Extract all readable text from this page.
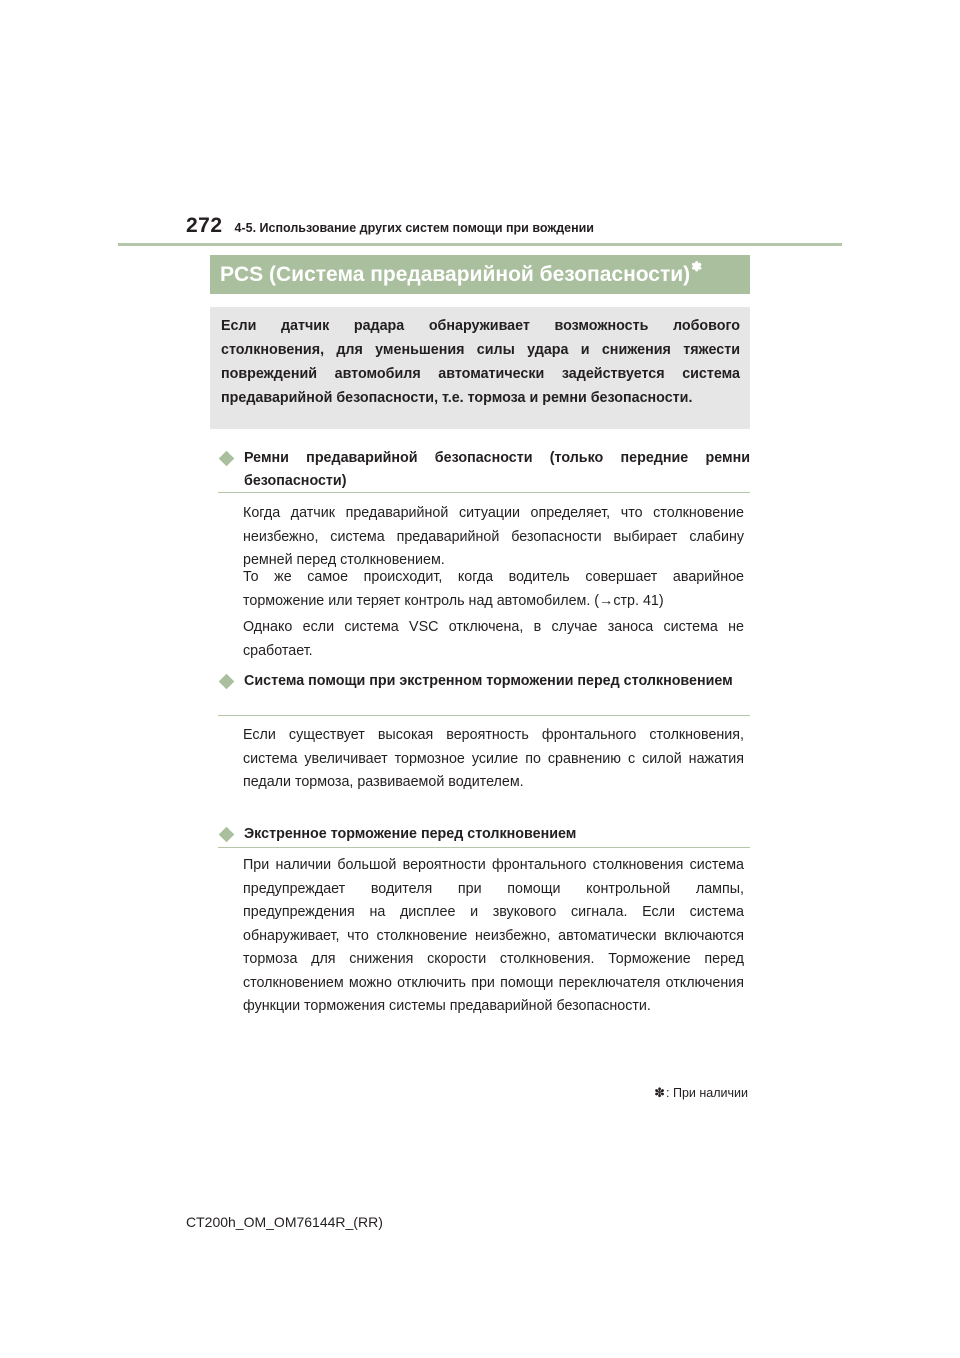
272 4-5. Использование других систем помощи при вождении
PCS (Система предаварийной безопасности) ✽

Если датчик радара обнаруживает возможность лобового столкновения, для уменьшения силы удара и снижения тяжести повреждений автомобиля автоматически задействуется система предаварийной безопасности, т.е. тормоза и ремни безопасности.

Ремни предаварийной безопасности (только передние ремни безопасности)

Когда датчик предаварийной ситуации определяет, что столкновение неизбежно, система предаварийной безопасности выбирает слабину ремней перед столкновением.

То же самое происходит, когда водитель совершает аварийное торможение или теряет контроль над автомобилем. (→стр. 41)

Однако если система VSC отключена, в случае заноса система не сработает.

Система помощи при экстренном торможении перед столкновением

Если существует высокая вероятность фронтального столкновения, система увеличивает тормозное усилие по сравнению с силой нажатия педали тормоза, развиваемой водителем.

Экстренное торможение перед столкновением

При наличии большой вероятности фронтального столкновения система предупреждает водителя при помощи контрольной лампы, предупреждения на дисплее и звукового сигнала. Если система обнаруживает, что столкновение неизбежно, автоматически включаются тормоза для снижения скорости столкновения. Торможение перед столкновением можно отключить при помощи переключателя отключения функции торможения системы предаварийной безопасности.

✽ : При наличии
CT200h_OM_OM76144R_(RR)
